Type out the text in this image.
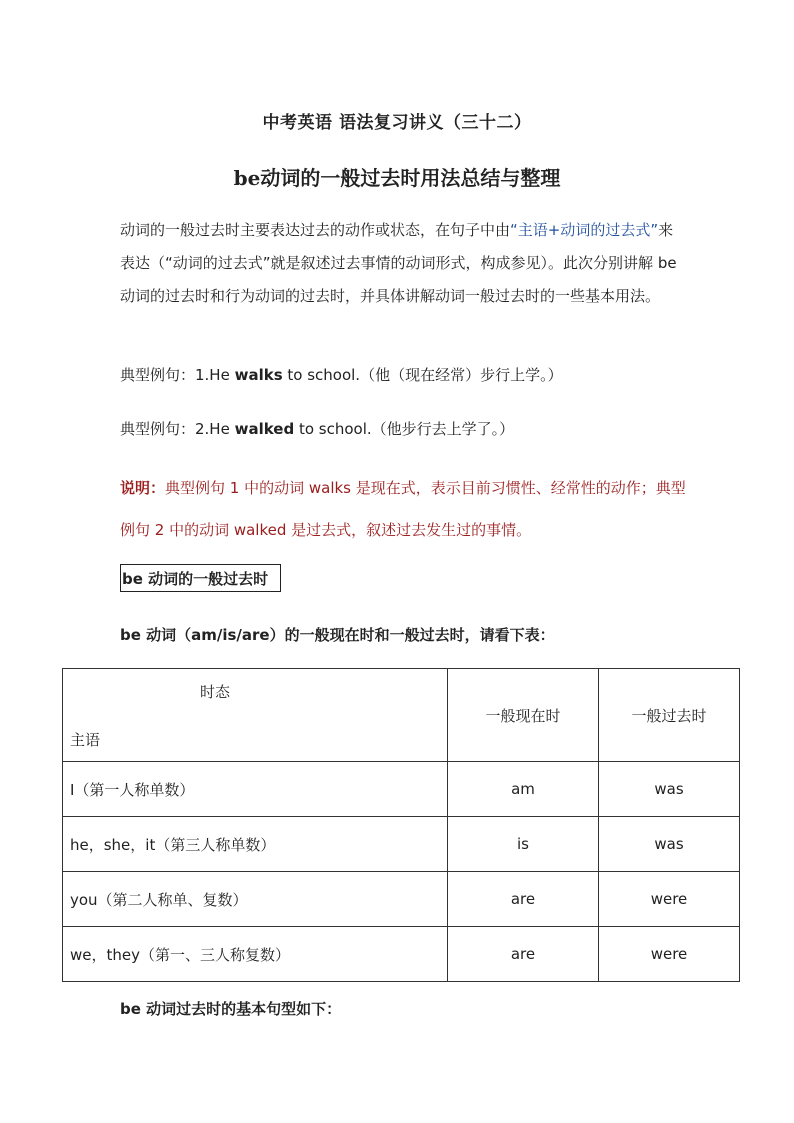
中考英语 语法复习讲义（三十二）
be动词的一般过去时用法总结与整理
动词的一般过去时主要表达过去的动作或状态，在句子中由“主语+动词的过去式”来表达（“动词的过去式”就是叙述过去事情的动词形式，构成参见）。此次分别讲解 be动词的过去时和行为动词的过去时，并具体讲解动词一般过去时的一些基本用法。
典型例句：1.He walks to school.（他（现在经常）步行上学。）
典型例句：2.He walked to school.（他步行去上学了。）
说明：典型例句 1 中的动词 walks 是现在式，表示目前习惯性、经常性的动作；典型例句 2 中的动词 walked 是过去式，叙述过去发生过的事情。
be 动词的一般过去时
be 动词（am/is/are）的一般现在时和一般过去时，请看下表：
时态
主语	一般现在时	一般过去时
I（第一人称单数）	am	was
he，she，it（第三人称单数）	is	was
you（第二人称单、复数）	are	were
we，they（第一、三人称复数）	are	were
be 动词过去时的基本句型如下：
